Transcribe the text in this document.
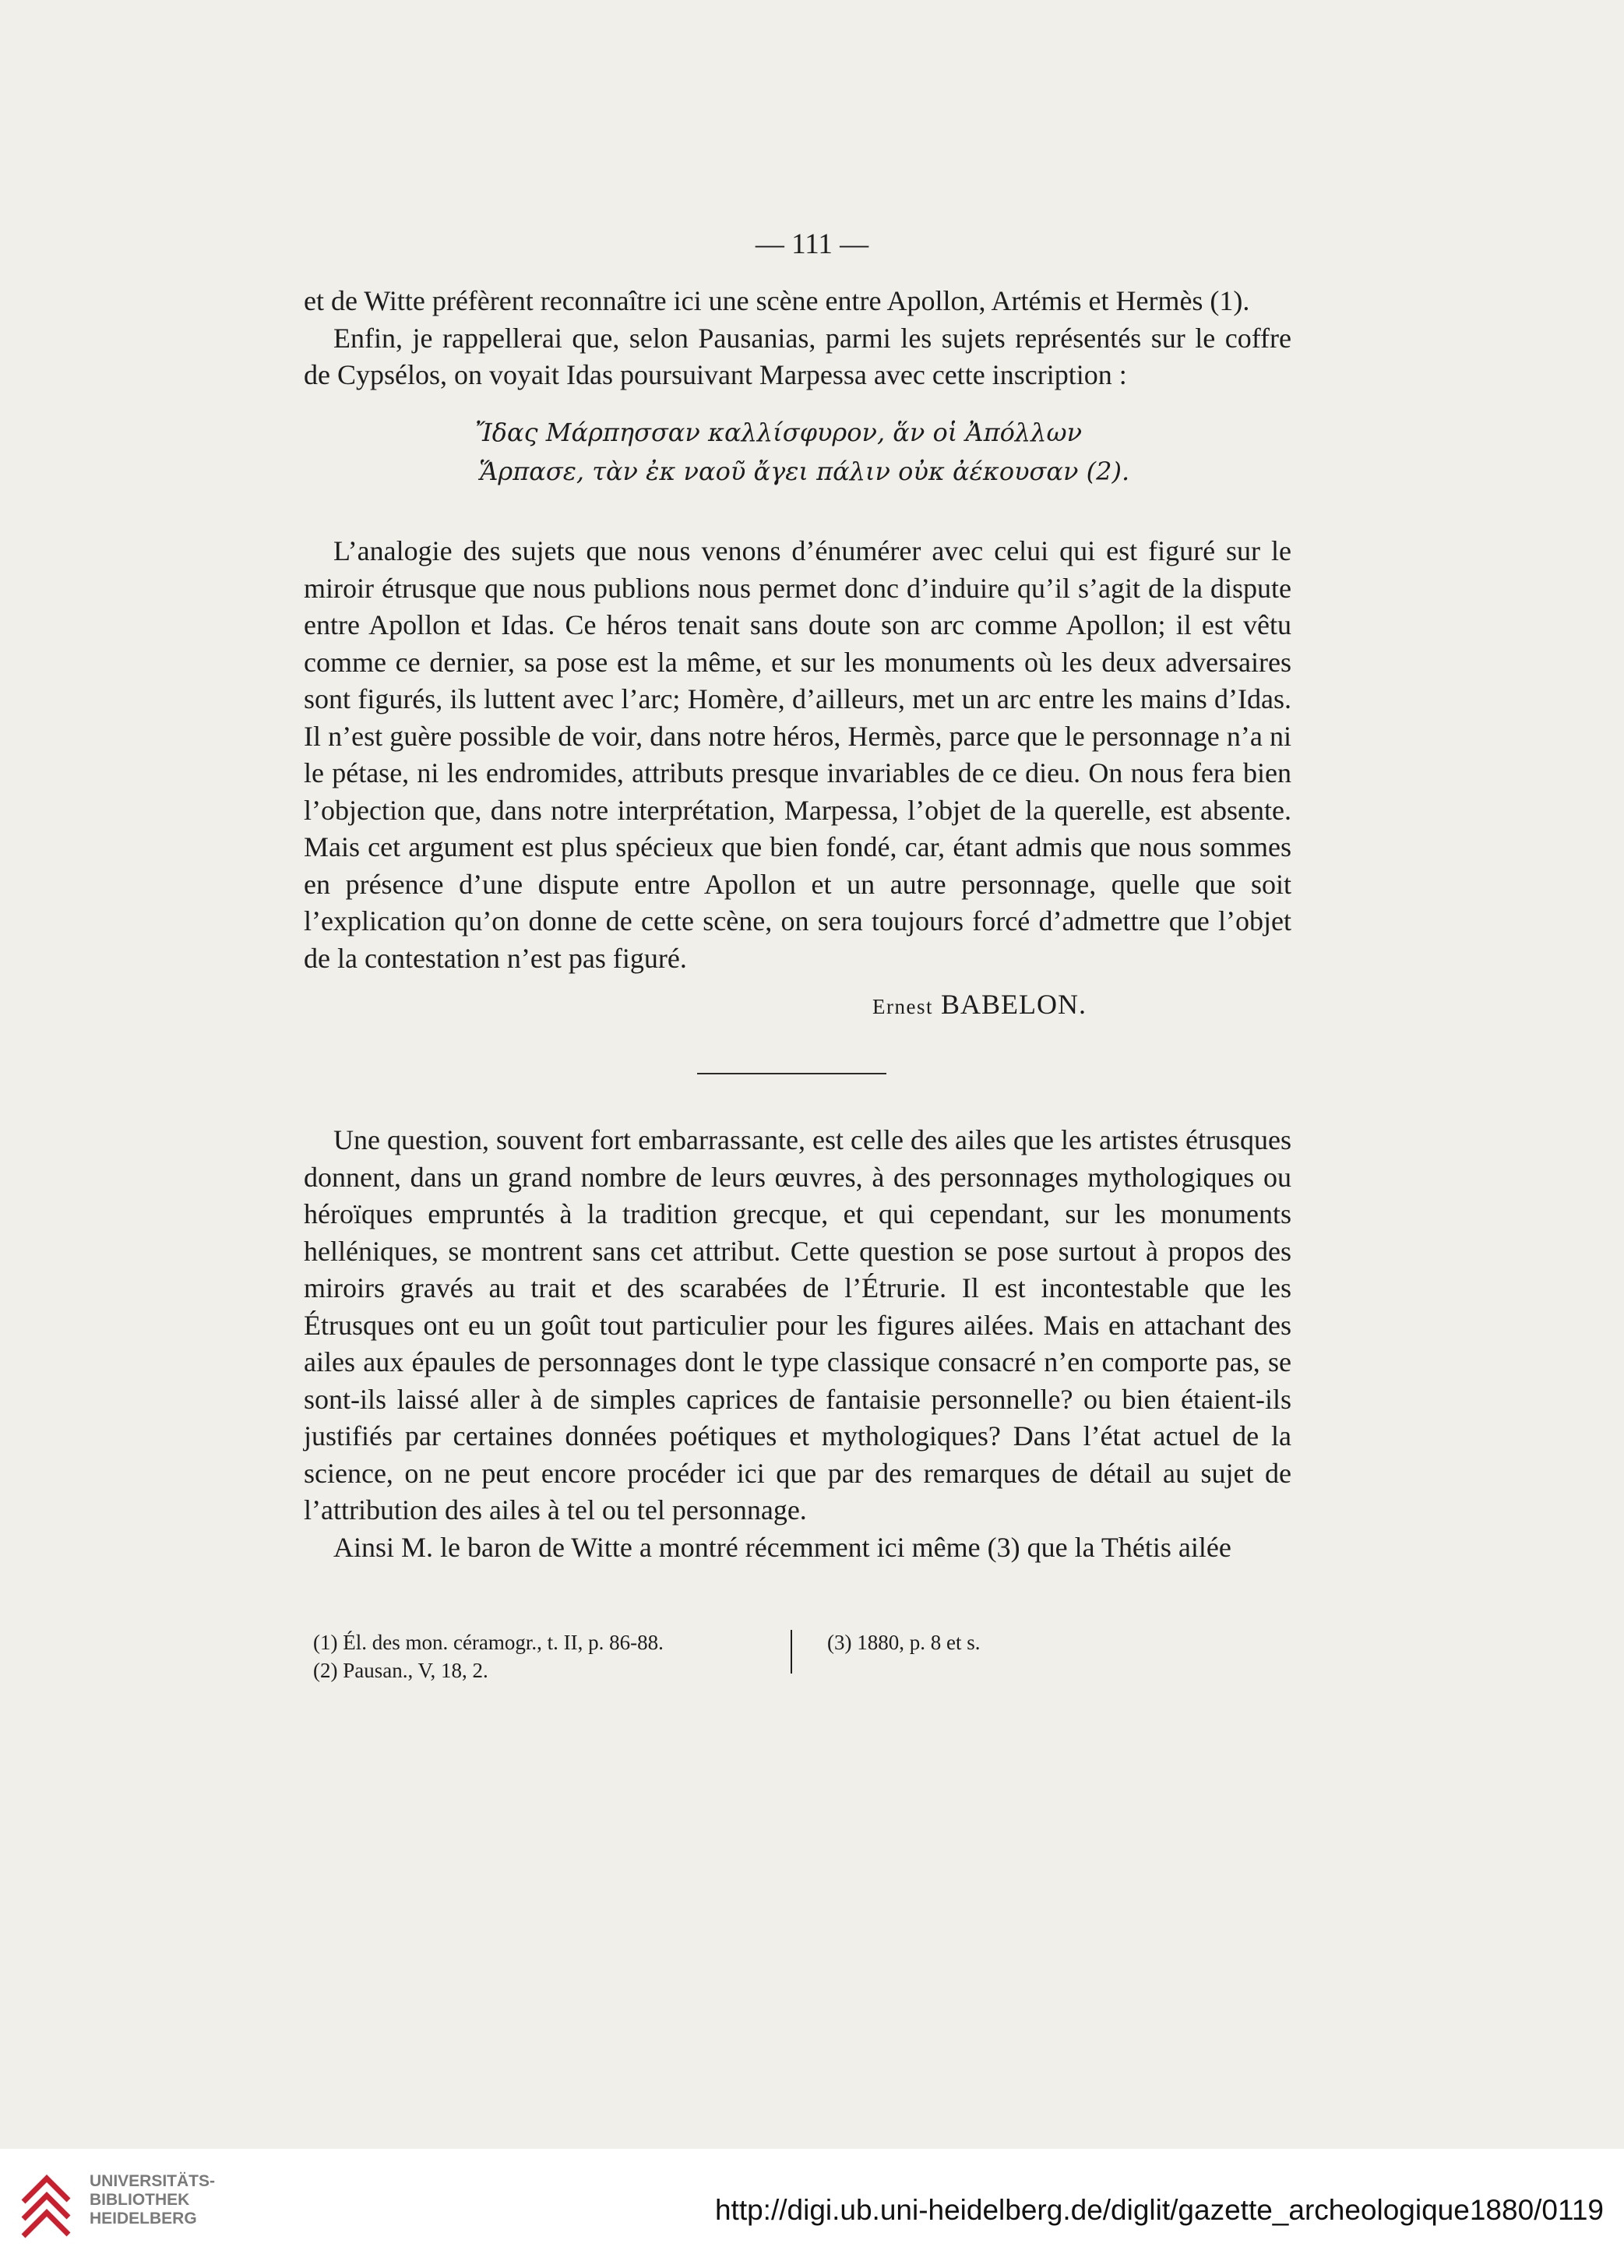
— 111 —

et de Witte préfèrent reconnaître ici une scène entre Apollon, Artémis et Hermès (1).

Enfin, je rappellerai que, selon Pausanias, parmi les sujets représentés sur le coffre de Cypsélos, on voyait Idas poursuivant Marpessa avec cette inscription :

Ἴδας Μάρπησσαν καλλίσφυρον, ἅν οἱ Ἀπόλλων
Ἅρπασε, τὰν ἐκ ναοῦ ἄγει πάλιν οὐκ ἀέκουσαν (2).

L’analogie des sujets que nous venons d’énumérer avec celui qui est figuré sur le miroir étrusque que nous publions nous permet donc d’induire qu’il s’agit de la dispute entre Apollon et Idas. Ce héros tenait sans doute son arc comme Apollon; il est vêtu comme ce dernier, sa pose est la même, et sur les monuments où les deux adversaires sont figurés, ils luttent avec l’arc; Homère, d’ailleurs, met un arc entre les mains d’Idas. Il n’est guère possible de voir, dans notre héros, Hermès, parce que le personnage n’a ni le pétase, ni les endromides, attributs presque invariables de ce dieu. On nous fera bien l’objection que, dans notre interprétation, Marpessa, l’objet de la querelle, est absente. Mais cet argument est plus spécieux que bien fondé, car, étant admis que nous sommes en présence d’une dispute entre Apollon et un autre personnage, quelle que soit l’explication qu’on donne de cette scène, on sera toujours forcé d’admettre que l’objet de la contestation n’est pas figuré.

Ernest BABELON.

Une question, souvent fort embarrassante, est celle des ailes que les artistes étrusques donnent, dans un grand nombre de leurs œuvres, à des personnages mythologiques ou héroïques empruntés à la tradition grecque, et qui cependant, sur les monuments helléniques, se montrent sans cet attribut. Cette question se pose surtout à propos des miroirs gravés au trait et des scarabées de l’Étrurie. Il est incontestable que les Étrusques ont eu un goût tout particulier pour les figures ailées. Mais en attachant des ailes aux épaules de personnages dont le type classique consacré n’en comporte pas, se sont-ils laissé aller à de simples caprices de fantaisie personnelle? ou bien étaient-ils justifiés par certaines données poétiques et mythologiques? Dans l’état actuel de la science, on ne peut encore procéder ici que par des remarques de détail au sujet de l’attribution des ailes à tel ou tel personnage.

Ainsi M. le baron de Witte a montré récemment ici même (3) que la Thétis ailée

(1) Él. des mon. céramogr., t. II, p. 86-88.
(2) Pausan., V, 18, 2.
(3) 1880, p. 8 et s.
UNIVERSITÄTS-
BIBLIOTHEK
HEIDELBERG	http://digi.ub.uni-heidelberg.de/diglit/gazette_archeologique1880/0119
